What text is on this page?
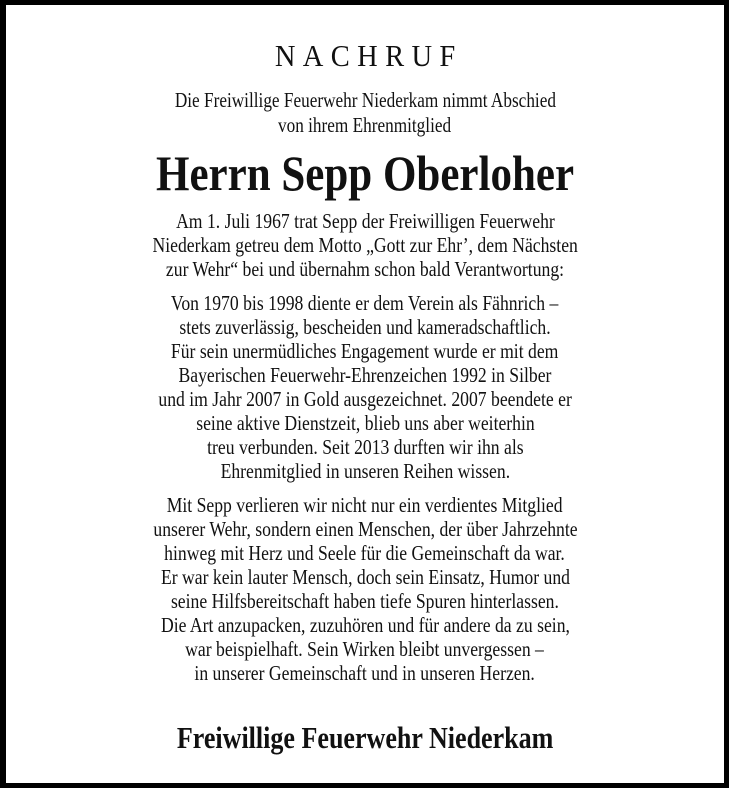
NACHRUF
Die Freiwillige Feuerwehr Niederkam nimmt Abschied
von ihrem Ehrenmitglied
Herrn Sepp Oberloher
Am 1. Juli 1967 trat Sepp der Freiwilligen Feuerwehr
Niederkam getreu dem Motto „Gott zur Ehr’, dem Nächsten
zur Wehr“ bei und übernahm schon bald Verantwortung:
Von 1970 bis 1998 diente er dem Verein als Fähnrich –
stets zuverlässig, bescheiden und kameradschaftlich.
Für sein unermüdliches Engagement wurde er mit dem
Bayerischen Feuerwehr-Ehrenzeichen 1992 in Silber
und im Jahr 2007 in Gold ausgezeichnet. 2007 beendete er
seine aktive Dienstzeit, blieb uns aber weiterhin
treu verbunden. Seit 2013 durften wir ihn als
Ehrenmitglied in unseren Reihen wissen.
Mit Sepp verlieren wir nicht nur ein verdientes Mitglied
unserer Wehr, sondern einen Menschen, der über Jahrzehnte
hinweg mit Herz und Seele für die Gemeinschaft da war.
Er war kein lauter Mensch, doch sein Einsatz, Humor und
seine Hilfsbereitschaft haben tiefe Spuren hinterlassen.
Die Art anzupacken, zuzuhören und für andere da zu sein,
war beispielhaft. Sein Wirken bleibt unvergessen –
in unserer Gemeinschaft und in unseren Herzen.
Freiwillige Feuerwehr Niederkam
